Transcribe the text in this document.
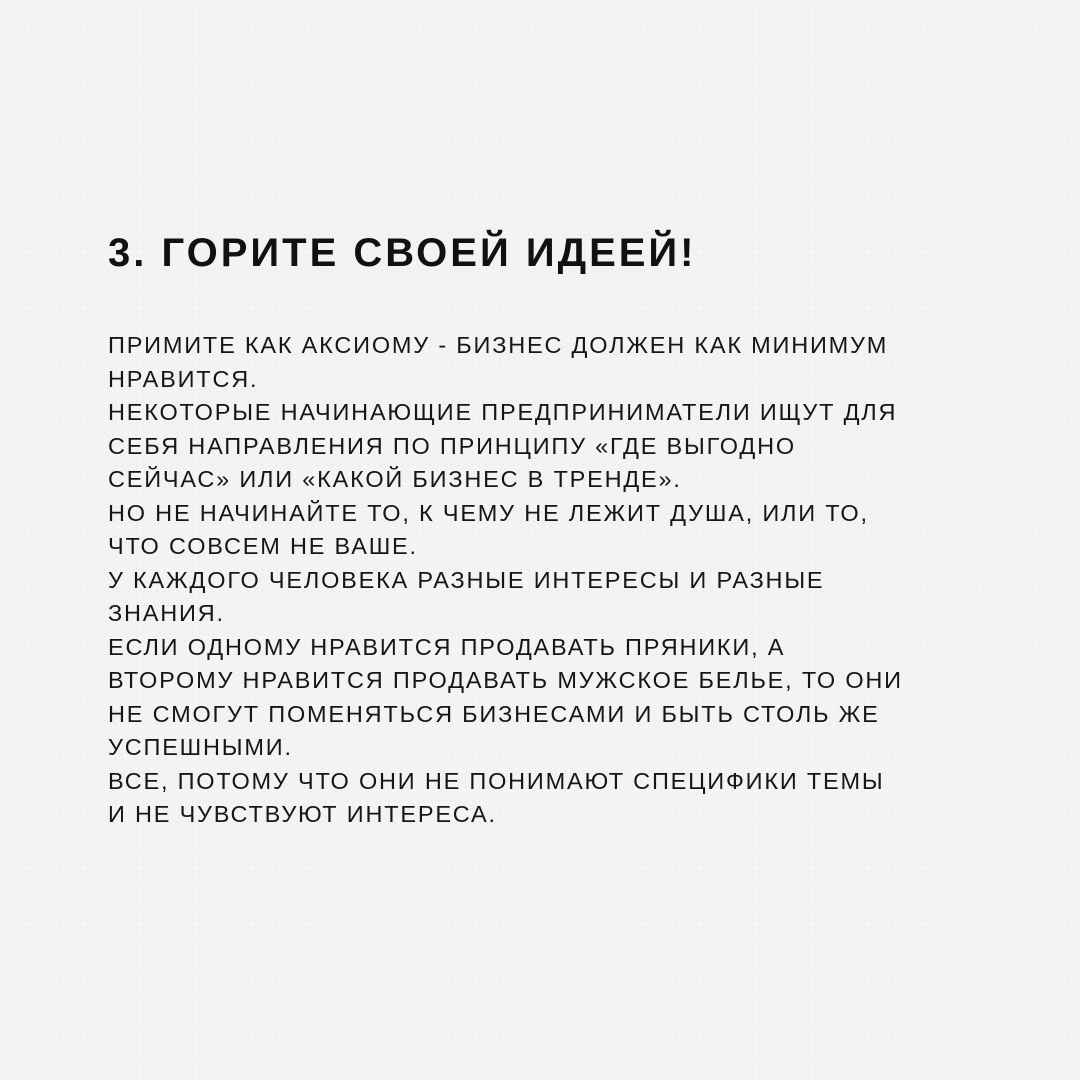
3. ГОРИТЕ СВОЕЙ ИДЕЕЙ!
ПРИМИТЕ КАК АКСИОМУ - БИЗНЕС ДОЛЖЕН КАК МИНИМУМ
НРАВИТСЯ.
НЕКОТОРЫЕ НАЧИНАЮЩИЕ ПРЕДПРИНИМАТЕЛИ ИЩУТ ДЛЯ
СЕБЯ НАПРАВЛЕНИЯ ПО ПРИНЦИПУ «ГДЕ ВЫГОДНО
СЕЙЧАС» ИЛИ «КАКОЙ БИЗНЕС В ТРЕНДЕ».
НО НЕ НАЧИНАЙТЕ ТО, К ЧЕМУ НЕ ЛЕЖИТ ДУША, ИЛИ ТО,
ЧТО СОВСЕМ НЕ ВАШЕ.
У КАЖДОГО ЧЕЛОВЕКА РАЗНЫЕ ИНТЕРЕСЫ И РАЗНЫЕ
ЗНАНИЯ.
ЕСЛИ ОДНОМУ НРАВИТСЯ ПРОДАВАТЬ ПРЯНИКИ, А
ВТОРОМУ НРАВИТСЯ ПРОДАВАТЬ МУЖСКОЕ БЕЛЬЕ, ТО ОНИ
НЕ СМОГУТ ПОМЕНЯТЬСЯ БИЗНЕСАМИ И БЫТЬ СТОЛЬ ЖЕ
УСПЕШНЫМИ.
ВСЕ, ПОТОМУ ЧТО ОНИ НЕ ПОНИМАЮТ СПЕЦИФИКИ ТЕМЫ
И НЕ ЧУВСТВУЮТ ИНТЕРЕСА.
